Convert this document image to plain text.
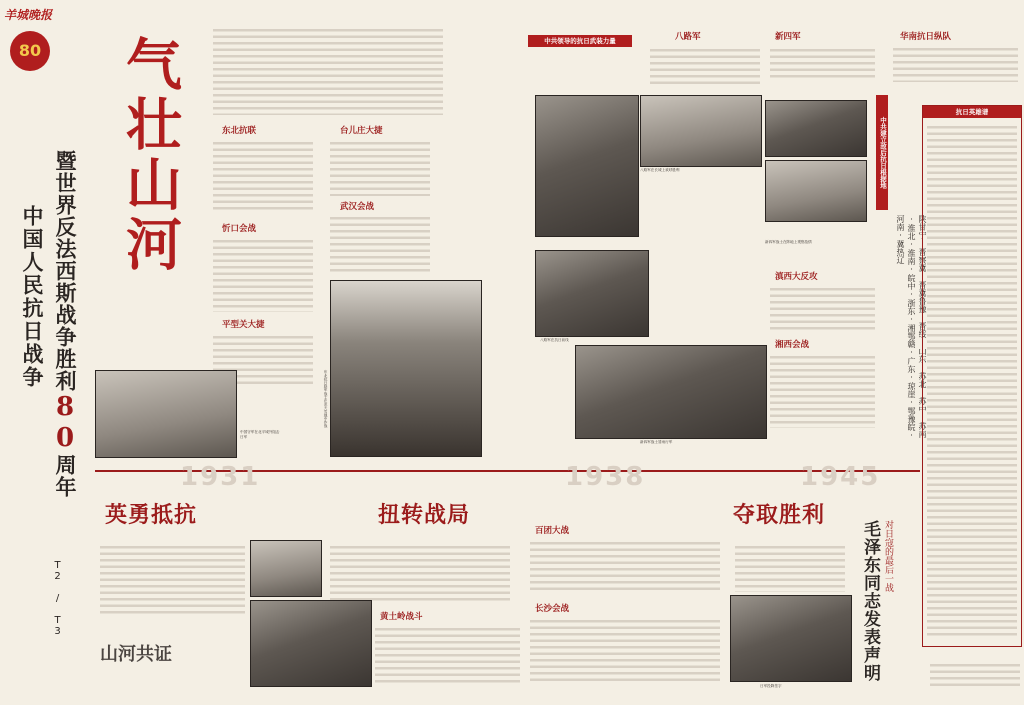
羊城晚报
80 气壮山河
暨世界反法西斯战争胜利80周年
中国人民抗日战争
T2 / T3
东北抗联
忻口会战
平型关大捷
台儿庄大捷
武汉会战
中国守军在北平城外阻击日军
东北抗日联军战士在冰天雪地中作战
中共领导的抗日武装力量	八路军
八路军在长城上欢呼胜利
八路军在抗日前线
新四军战士冒雨行军
新四军
新四军战士在阵地上观察敌情
滇西大反攻
湘西会战
华南抗日纵队
中共建立敌后抗日根据地
陕甘宁·晋察冀·晋冀鲁豫·晋绥·山东·苏北·苏中·苏南·淮北·淮南·皖中·浙东·湘鄂赣·广东·琼崖·鄂豫皖·河南·冀热辽
抗日英雄谱
1931	1938	1945
英勇抵抗	扭转战局	夺取胜利
百团大战
长沙会战
黄土岭战斗
日军投降签字
毛泽东同志发表声明 对日寇的最后一战
山河共证
